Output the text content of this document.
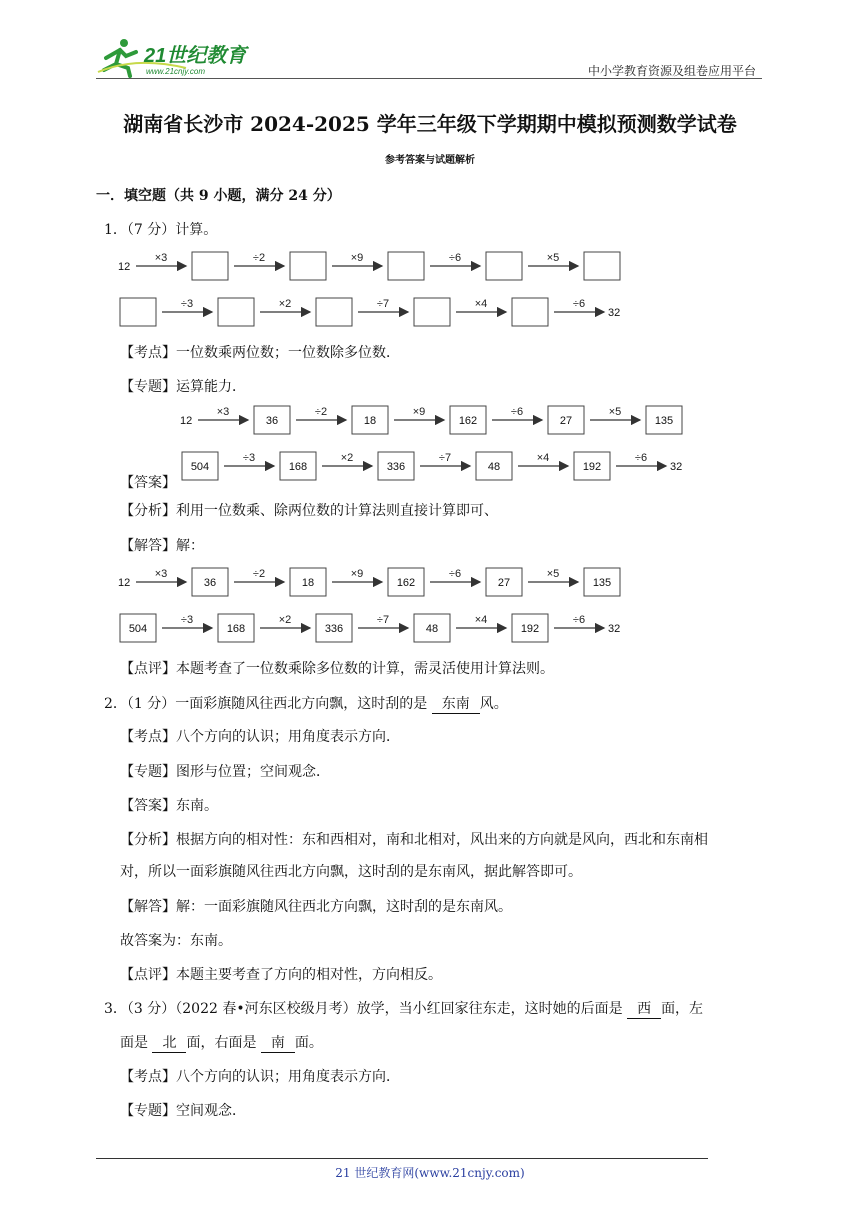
21世纪教育
www.21cnjy.com	中小学教育资源及组卷应用平台
湖南省长沙市 2024-2025 学年三年级下学期期中模拟预测数学试卷
参考答案与试题解析
一．填空题（共 9 小题，满分 24 分）
1．（7 分）计算。
12
×3	÷2	×9	÷6	×5
÷3	×2	÷7	×4	÷6
32
【考点】一位数乘两位数；一位数除多位数．
【专题】运算能力．
12
×3
36
÷2
18
×9
162
÷6
27
×5
135
504
÷3
168
×2
336
÷7
48
×4
192
÷6
32
【答案】
【分析】利用一位数乘、除两位数的计算法则直接计算即可、
【解答】解：
12
×3
36
÷2
18
×9
162
÷6
27
×5
135
504
÷3
168
×2
336
÷7
48
×4
192
÷6
32
【点评】本题考查了一位数乘除多位数的计算，需灵活使用计算法则。
2．（1 分）一面彩旗随风往西北方向飘，这时刮的是 东南 风。
【考点】八个方向的认识；用角度表示方向．
【专题】图形与位置；空间观念．
【答案】东南。
【分析】根据方向的相对性：东和西相对，南和北相对，风出来的方向就是风向，西北和东南相
对，所以一面彩旗随风往西北方向飘，这时刮的是东南风，据此解答即可。
【解答】解：一面彩旗随风往西北方向飘，这时刮的是东南风。
故答案为：东南。
【点评】本题主要考查了方向的相对性，方向相反。
3．（3 分）（2022 春•河东区校级月考）放学，当小红回家往东走，这时她的后面是 西 面，左
面是 北 面，右面是 南 面。
【考点】八个方向的认识；用角度表示方向．
【专题】空间观念．
21 世纪教育网(www.21cnjy.com)
